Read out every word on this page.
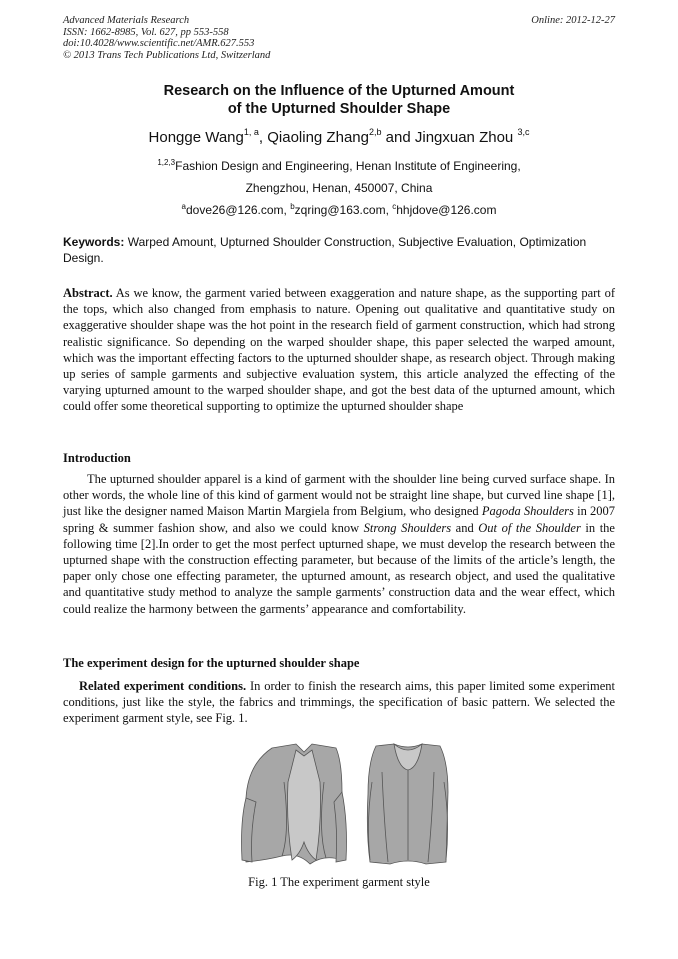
Advanced Materials Research
ISSN: 1662-8985, Vol. 627, pp 553-558
doi:10.4028/www.scientific.net/AMR.627.553
© 2013 Trans Tech Publications Ltd, Switzerland
Online: 2012-12-27
Research on the Influence of the Upturned Amount
of the Upturned Shoulder Shape
Hongge Wang$^{1, a}$, Qiaoling Zhang$^{2,b}$ and Jingxuan Zhou $^{3,c}$
$^{1,2,3}$Fashion Design and Engineering, Henan Institute of Engineering,
Zhengzhou, Henan, 450007, China
$^a$dove26@126.com, $^b$zqring@163.com, $^c$hhjdove@126.com
Keywords: Warped Amount, Upturned Shoulder Construction, Subjective Evaluation, Optimization Design.
Abstract. As we know, the garment varied between exaggeration and nature shape, as the supporting part of the tops, which also changed from emphasis to nature. Opening out qualitative and quantitative study on exaggerative shoulder shape was the hot point in the research field of garment construction, which had strong realistic significance. So depending on the warped shoulder shape, this paper selected the warped amount, which was the important effecting factors to the upturned shoulder shape, as research object. Through making up series of sample garments and subjective evaluation system, this article analyzed the effecting of the varying upturned amount to the warped shoulder shape, and got the best data of the upturned amount, which could offer some theoretical supporting to optimize the upturned shoulder shape
Introduction
The upturned shoulder apparel is a kind of garment with the shoulder line being curved surface shape. In other words, the whole line of this kind of garment would not be straight line shape, but curved line shape [1], just like the designer named Maison Martin Margiela from Belgium, who designed Pagoda Shoulders in 2007 spring & summer fashion show, and also we could know Strong Shoulders and Out of the Shoulder in the following time [2].In order to get the most perfect upturned shape, we must develop the research between the upturned shape with the construction effecting parameter, but because of the limits of the article’s length, the paper only chose one effecting parameter, the upturned amount, as research object, and used the qualitative and quantitative study method to analyze the sample garments’ construction data and the wear effect, which could realize the harmony between the garments’ appearance and comfortability.
The experiment design for the upturned shoulder shape
Related experiment conditions. In order to finish the research aims, this paper limited some experiment conditions, just like the style, the fabrics and trimmings, the specification of basic pattern. We selected the experiment garment style, see Fig. 1.
Fig. 1 The experiment garment style
